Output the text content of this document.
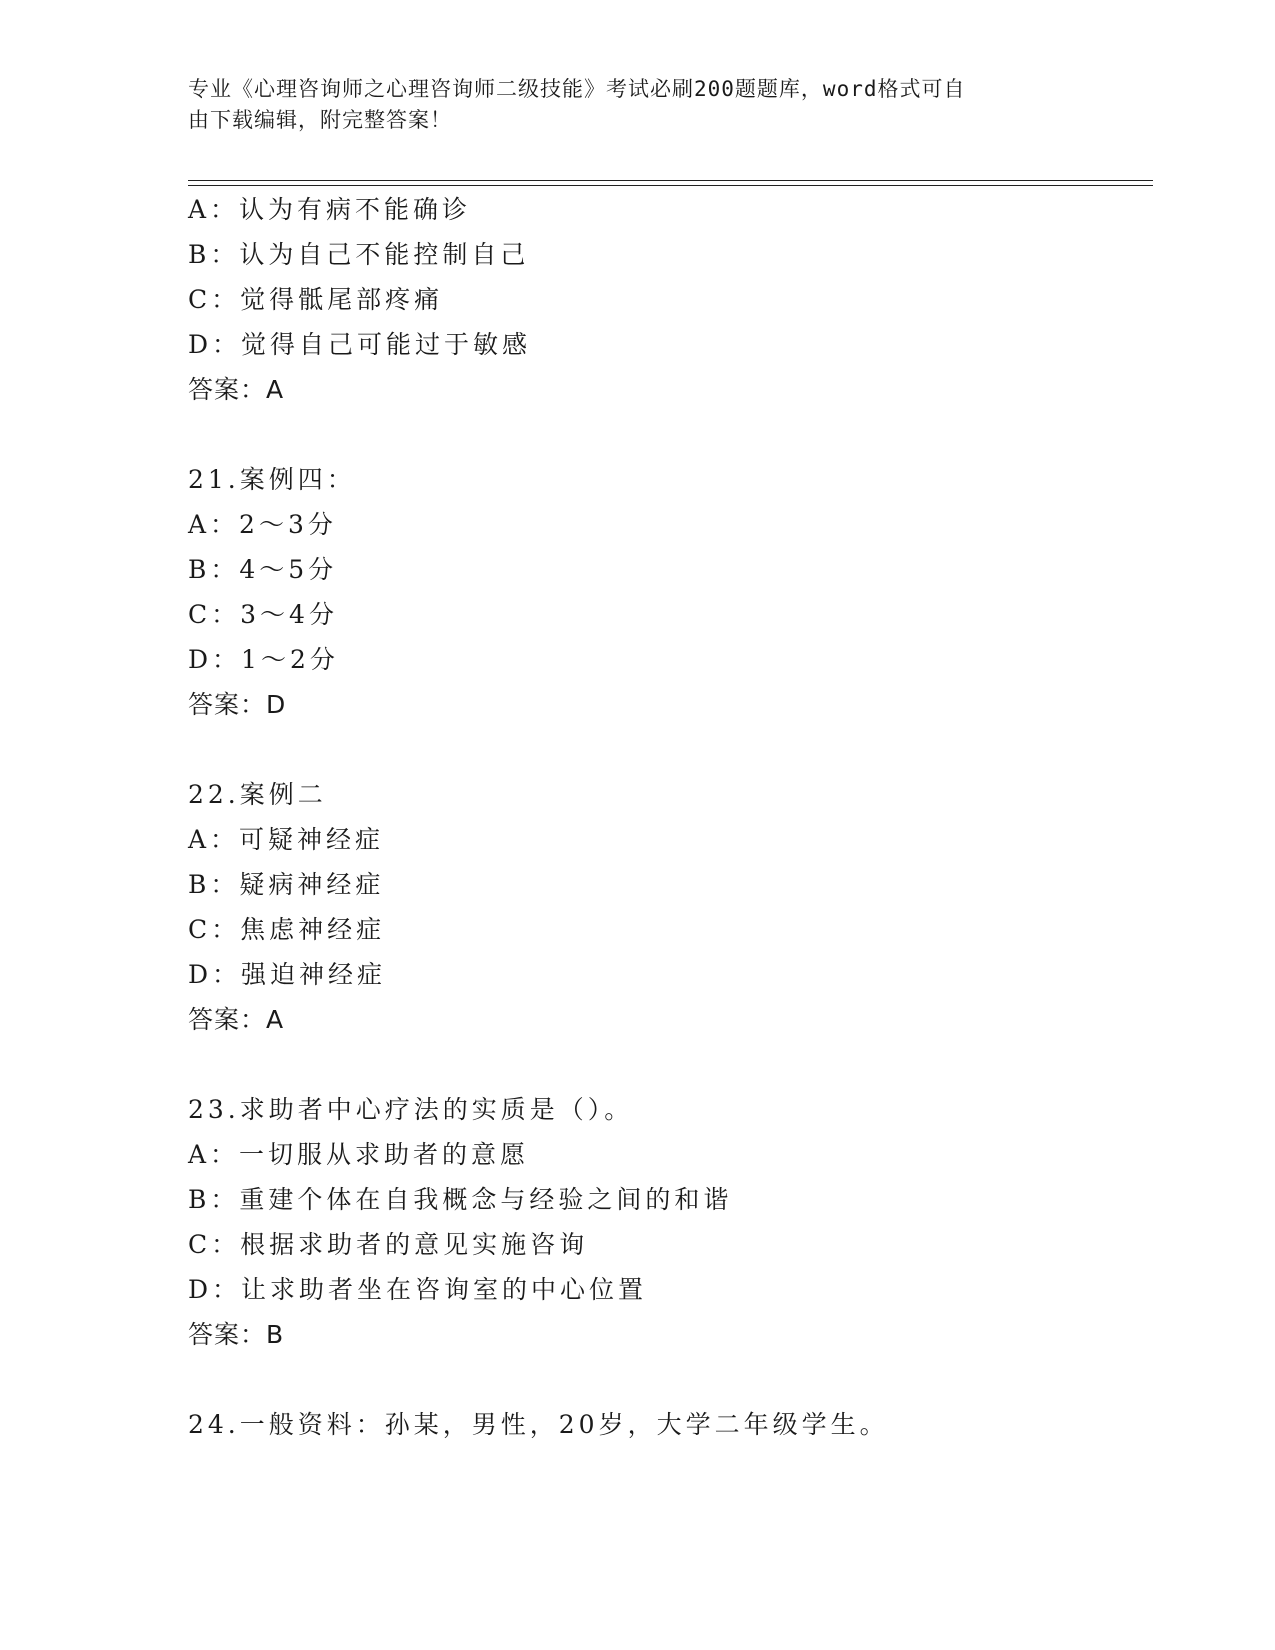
专业《心理咨询师之心理咨询师二级技能》考试必刷200题题库，word格式可自
由下载编辑，附完整答案！
A：认为有病不能确诊
B：认为自己不能控制自己
C：觉得骶尾部疼痛
D：觉得自己可能过于敏感
答案：A
21.案例四：
A：2～3分
B：4～5分
C：3～4分
D：1～2分
答案：D
22.案例二
A：可疑神经症
B：疑病神经症
C：焦虑神经症
D：强迫神经症
答案：A
23.求助者中心疗法的实质是（）。
A：一切服从求助者的意愿
B：重建个体在自我概念与经验之间的和谐
C：根据求助者的意见实施咨询
D：让求助者坐在咨询室的中心位置
答案：B
24.一般资料：孙某，男性，20岁，大学二年级学生。
